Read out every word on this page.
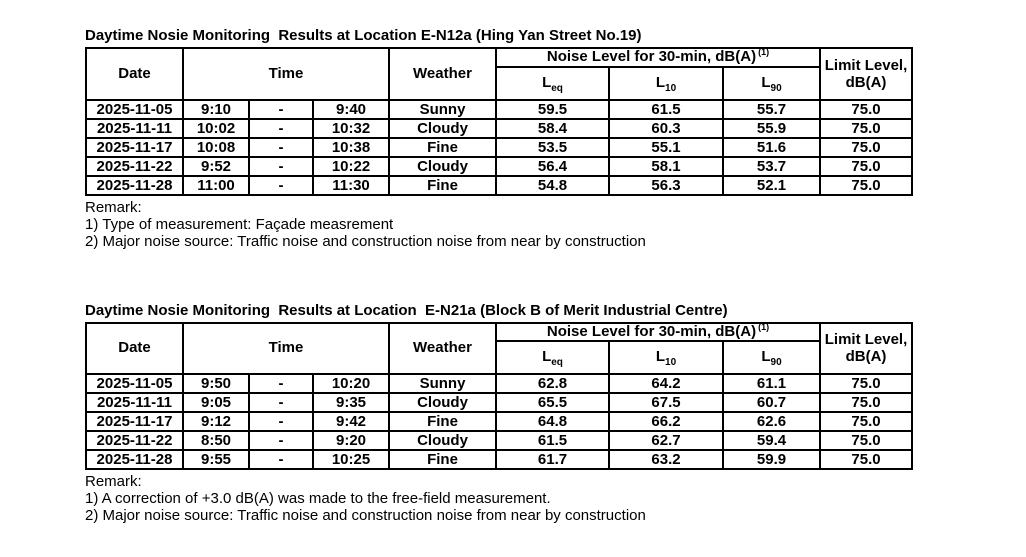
Daytime Nosie Monitoring  Results at Location E-N12a (Hing Yan Street No.19)
Date	Time			Weather	Noise Level for 30-min, dB(A) $^{(1)}$			Limit Level,
dB(A)

					$L_{eq}$	$L_{10}$	$L_{90}$
2025-11-05	9:10	-	9:40	Sunny	59.5	61.5	55.7	75.0
2025-11-11	10:02	-	10:32	Cloudy	58.4	60.3	55.9	75.0
2025-11-17	10:08	-	10:38	Fine	53.5	55.1	51.6	75.0
2025-11-22	9:52	-	10:22	Cloudy	56.4	58.1	53.7	75.0
2025-11-28	11:00	-	11:30	Fine	54.8	56.3	52.1	75.0
Remark:
1) Type of measurement: Façade measrement
2) Major noise source: Traffic noise and construction noise from near by construction
Daytime Nosie Monitoring  Results at Location  E-N21a (Block B of Merit Industrial Centre)
Date	Time			Weather	Noise Level for 30-min, dB(A) $^{(1)}$			Limit Level,
dB(A)

					$L_{eq}$	$L_{10}$	$L_{90}$
2025-11-05	9:50	-	10:20	Sunny	62.8	64.2	61.1	75.0
2025-11-11	9:05	-	9:35	Cloudy	65.5	67.5	60.7	75.0
2025-11-17	9:12	-	9:42	Fine	64.8	66.2	62.6	75.0
2025-11-22	8:50	-	9:20	Cloudy	61.5	62.7	59.4	75.0
2025-11-28	9:55	-	10:25	Fine	61.7	63.2	59.9	75.0
Remark:
1) A correction of +3.0 dB(A) was made to the free-field measurement.
2) Major noise source: Traffic noise and construction noise from near by construction
